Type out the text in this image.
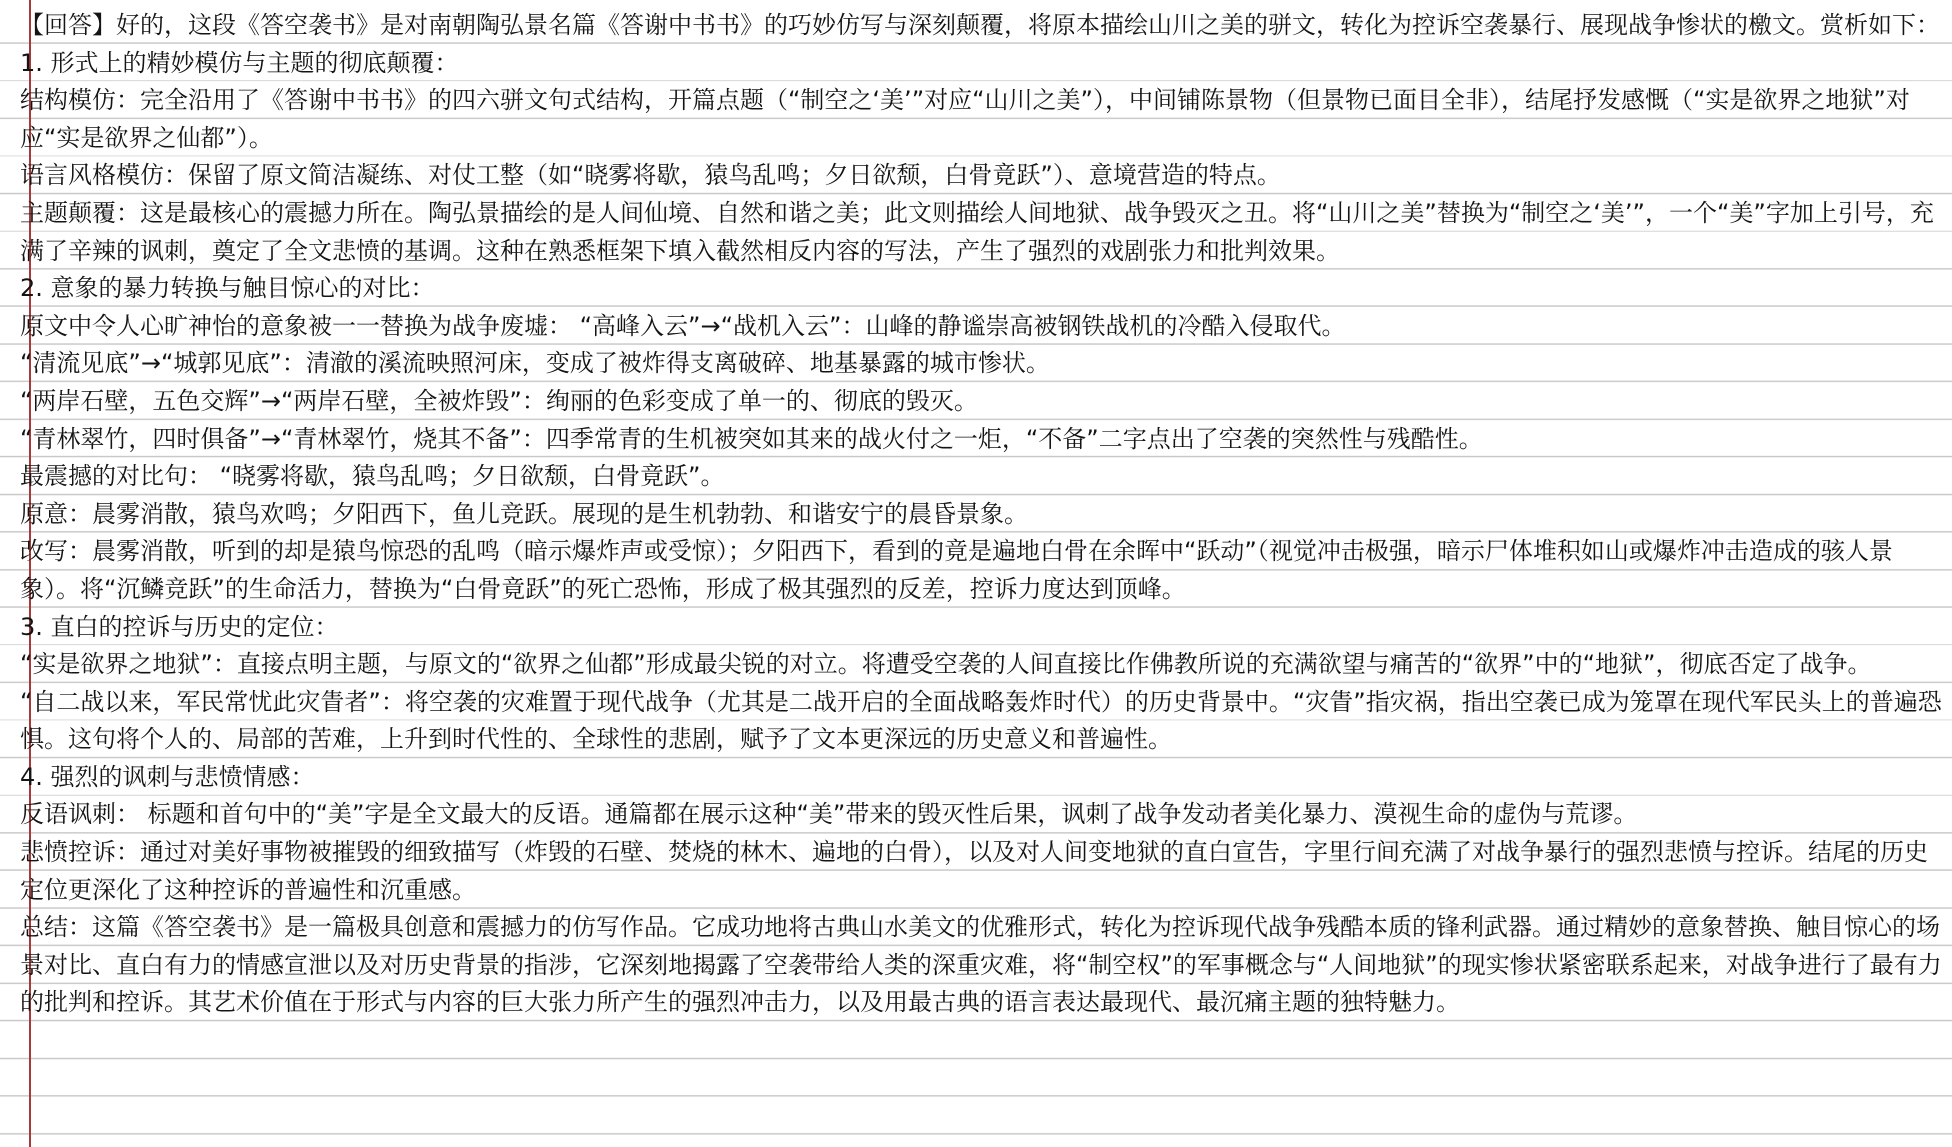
【回答】好的，这段《答空袭书》是对南朝陶弘景名篇《答谢中书书》的巧妙仿写与深刻颠覆，将原本描绘山川之美的骈文，转化为控诉空袭暴行、展现战争惨状的檄文。赏析如下：

1. 形式上的精妙模仿与主题的彻底颠覆：

结构模仿：完全沿用了《答谢中书书》的四六骈文句式结构，开篇点题（“制空之‘美’”对应“山川之美”），中间铺陈景物（但景物已面目全非），结尾抒发感慨（“实是欲界之地狱”对应“实是欲界之仙都”）。

语言风格模仿：保留了原文简洁凝练、对仗工整（如“晓雾将歇，猿鸟乱鸣；夕日欲颓，白骨竟跃”）、意境营造的特点。

主题颠覆：这是最核心的震撼力所在。陶弘景描绘的是人间仙境、自然和谐之美；此文则描绘人间地狱、战争毁灭之丑。将“山川之美”替换为“制空之‘美’”，一个“美”字加上引号，充满了辛辣的讽刺，奠定了全文悲愤的基调。这种在熟悉框架下填入截然相反内容的写法，产生了强烈的戏剧张力和批判效果。

2. 意象的暴力转换与触目惊心的对比：

原文中令人心旷神怡的意象被一一替换为战争废墟： “高峰入云”→“战机入云”：山峰的静谧崇高被钢铁战机的冷酷入侵取代。

“清流见底”→“城郭见底”：清澈的溪流映照河床，变成了被炸得支离破碎、地基暴露的城市惨状。

“两岸石壁，五色交辉”→“两岸石壁，全被炸毁”：绚丽的色彩变成了单一的、彻底的毁灭。

“青林翠竹，四时俱备”→“青林翠竹，烧其不备”：四季常青的生机被突如其来的战火付之一炬，“不备”二字点出了空袭的突然性与残酷性。

最震撼的对比句： “晓雾将歇，猿鸟乱鸣；夕日欲颓，白骨竟跃”。

原意：晨雾消散，猿鸟欢鸣；夕阳西下，鱼儿竞跃。展现的是生机勃勃、和谐安宁的晨昏景象。

改写：晨雾消散，听到的却是猿鸟惊恐的乱鸣（暗示爆炸声或受惊）；夕阳西下，看到的竟是遍地白骨在余晖中“跃动”（视觉冲击极强，暗示尸体堆积如山或爆炸冲击造成的骇人景象）。将“沉鳞竞跃”的生命活力，替换为“白骨竟跃”的死亡恐怖，形成了极其强烈的反差，控诉力度达到顶峰。

3. 直白的控诉与历史的定位：

“实是欲界之地狱”：直接点明主题，与原文的“欲界之仙都”形成最尖锐的对立。将遭受空袭的人间直接比作佛教所说的充满欲望与痛苦的“欲界”中的“地狱”，彻底否定了战争。

“自二战以来，军民常忧此灾眚者”：将空袭的灾难置于现代战争（尤其是二战开启的全面战略轰炸时代）的历史背景中。“灾眚”指灾祸，指出空袭已成为笼罩在现代军民头上的普遍恐惧。这句将个人的、局部的苦难，上升到时代性的、全球性的悲剧，赋予了文本更深远的历史意义和普遍性。

4. 强烈的讽刺与悲愤情感：

反语讽刺： 标题和首句中的“美”字是全文最大的反语。通篇都在展示这种“美”带来的毁灭性后果，讽刺了战争发动者美化暴力、漠视生命的虚伪与荒谬。

悲愤控诉：通过对美好事物被摧毁的细致描写（炸毁的石壁、焚烧的林木、遍地的白骨），以及对人间变地狱的直白宣告，字里行间充满了对战争暴行的强烈悲愤与控诉。结尾的历史定位更深化了这种控诉的普遍性和沉重感。

总结：这篇《答空袭书》是一篇极具创意和震撼力的仿写作品。它成功地将古典山水美文的优雅形式，转化为控诉现代战争残酷本质的锋利武器。通过精妙的意象替换、触目惊心的场景对比、直白有力的情感宣泄以及对历史背景的指涉，它深刻地揭露了空袭带给人类的深重灾难，将“制空权”的军事概念与“人间地狱”的现实惨状紧密联系起来，对战争进行了最有力的批判和控诉。其艺术价值在于形式与内容的巨大张力所产生的强烈冲击力，以及用最古典的语言表达最现代、最沉痛主题的独特魅力。
